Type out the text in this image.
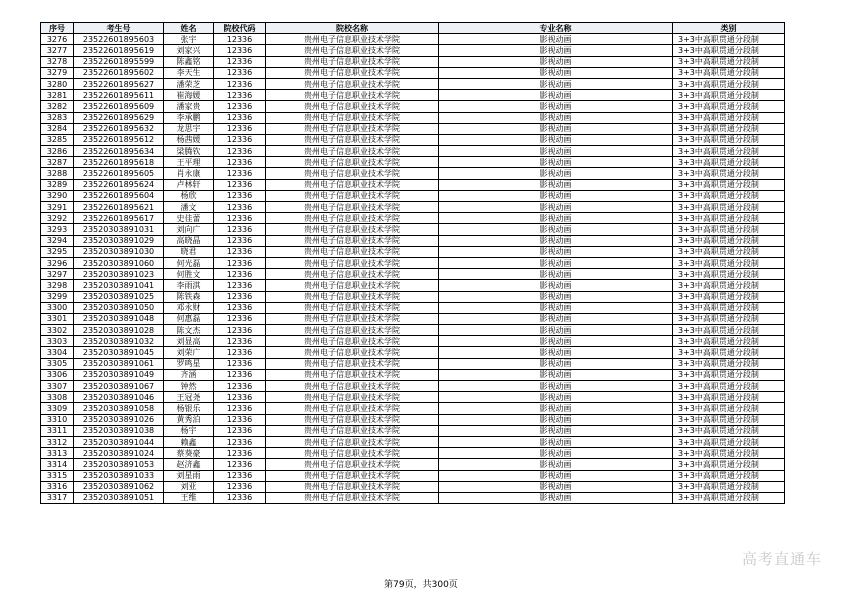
序号	考生号	姓名	院校代码	院校名称	专业名称	类别
3276	23522601895603	张宇	12336	贵州电子信息职业技术学院	影视动画	3+3中高职贯通分段制
3277	23522601895619	刘家兴	12336	贵州电子信息职业技术学院	影视动画	3+3中高职贯通分段制
3278	23522601895599	陈鑫铭	12336	贵州电子信息职业技术学院	影视动画	3+3中高职贯通分段制
3279	23522601895602	李天生	12336	贵州电子信息职业技术学院	影视动画	3+3中高职贯通分段制
3280	23522601895627	潘荣芝	12336	贵州电子信息职业技术学院	影视动画	3+3中高职贯通分段制
3281	23522601895611	崔海媛	12336	贵州电子信息职业技术学院	影视动画	3+3中高职贯通分段制
3282	23522601895609	潘家贵	12336	贵州电子信息职业技术学院	影视动画	3+3中高职贯通分段制
3283	23522601895629	李承鹏	12336	贵州电子信息职业技术学院	影视动画	3+3中高职贯通分段制
3284	23522601895632	龙思宇	12336	贵州电子信息职业技术学院	影视动画	3+3中高职贯通分段制
3285	23522601895612	杨茜媛	12336	贵州电子信息职业技术学院	影视动画	3+3中高职贯通分段制
3286	23522601895634	梁腾钦	12336	贵州电子信息职业技术学院	影视动画	3+3中高职贯通分段制
3287	23522601895618	王平理	12336	贵州电子信息职业技术学院	影视动画	3+3中高职贯通分段制
3288	23522601895605	肖永康	12336	贵州电子信息职业技术学院	影视动画	3+3中高职贯通分段制
3289	23522601895624	卢林轩	12336	贵州电子信息职业技术学院	影视动画	3+3中高职贯通分段制
3290	23522601895604	杨欣	12336	贵州电子信息职业技术学院	影视动画	3+3中高职贯通分段制
3291	23522601895621	潘文	12336	贵州电子信息职业技术学院	影视动画	3+3中高职贯通分段制
3292	23522601895617	史佳蕾	12336	贵州电子信息职业技术学院	影视动画	3+3中高职贯通分段制
3293	23520303891031	刘向广	12336	贵州电子信息职业技术学院	影视动画	3+3中高职贯通分段制
3294	23520303891029	高晓晶	12336	贵州电子信息职业技术学院	影视动画	3+3中高职贯通分段制
3295	23520303891030	晓君	12336	贵州电子信息职业技术学院	影视动画	3+3中高职贯通分段制
3296	23520303891060	何光磊	12336	贵州电子信息职业技术学院	影视动画	3+3中高职贯通分段制
3297	23520303891023	何胜文	12336	贵州电子信息职业技术学院	影视动画	3+3中高职贯通分段制
3298	23520303891041	李雨淇	12336	贵州电子信息职业技术学院	影视动画	3+3中高职贯通分段制
3299	23520303891025	陈铁森	12336	贵州电子信息职业技术学院	影视动画	3+3中高职贯通分段制
3300	23520303891050	邓永财	12336	贵州电子信息职业技术学院	影视动画	3+3中高职贯通分段制
3301	23520303891048	何惠磊	12336	贵州电子信息职业技术学院	影视动画	3+3中高职贯通分段制
3302	23520303891028	陈文杰	12336	贵州电子信息职业技术学院	影视动画	3+3中高职贯通分段制
3303	23520303891032	刘显高	12336	贵州电子信息职业技术学院	影视动画	3+3中高职贯通分段制
3304	23520303891045	刘荣广	12336	贵州电子信息职业技术学院	影视动画	3+3中高职贯通分段制
3305	23520303891061	罗鸣星	12336	贵州电子信息职业技术学院	影视动画	3+3中高职贯通分段制
3306	23520303891049	齐涵	12336	贵州电子信息职业技术学院	影视动画	3+3中高职贯通分段制
3307	23520303891067	钟然	12336	贵州电子信息职业技术学院	影视动画	3+3中高职贯通分段制
3308	23520303891046	王冠尧	12336	贵州电子信息职业技术学院	影视动画	3+3中高职贯通分段制
3309	23520303891058	杨银乐	12336	贵州电子信息职业技术学院	影视动画	3+3中高职贯通分段制
3310	23520303891026	黄秀泊	12336	贵州电子信息职业技术学院	影视动画	3+3中高职贯通分段制
3311	23520303891038	杨宇	12336	贵州电子信息职业技术学院	影视动画	3+3中高职贯通分段制
3312	23520303891044	赖鑫	12336	贵州电子信息职业技术学院	影视动画	3+3中高职贯通分段制
3313	23520303891024	蔡葵豪	12336	贵州电子信息职业技术学院	影视动画	3+3中高职贯通分段制
3314	23520303891053	赵济鑫	12336	贵州电子信息职业技术学院	影视动画	3+3中高职贯通分段制
3315	23520303891033	刘星雨	12336	贵州电子信息职业技术学院	影视动画	3+3中高职贯通分段制
3316	23520303891062	刘亚	12336	贵州电子信息职业技术学院	影视动画	3+3中高职贯通分段制
3317	23520303891051	王维	12336	贵州电子信息职业技术学院	影视动画	3+3中高职贯通分段制
第79页，共300页
高考直通车
